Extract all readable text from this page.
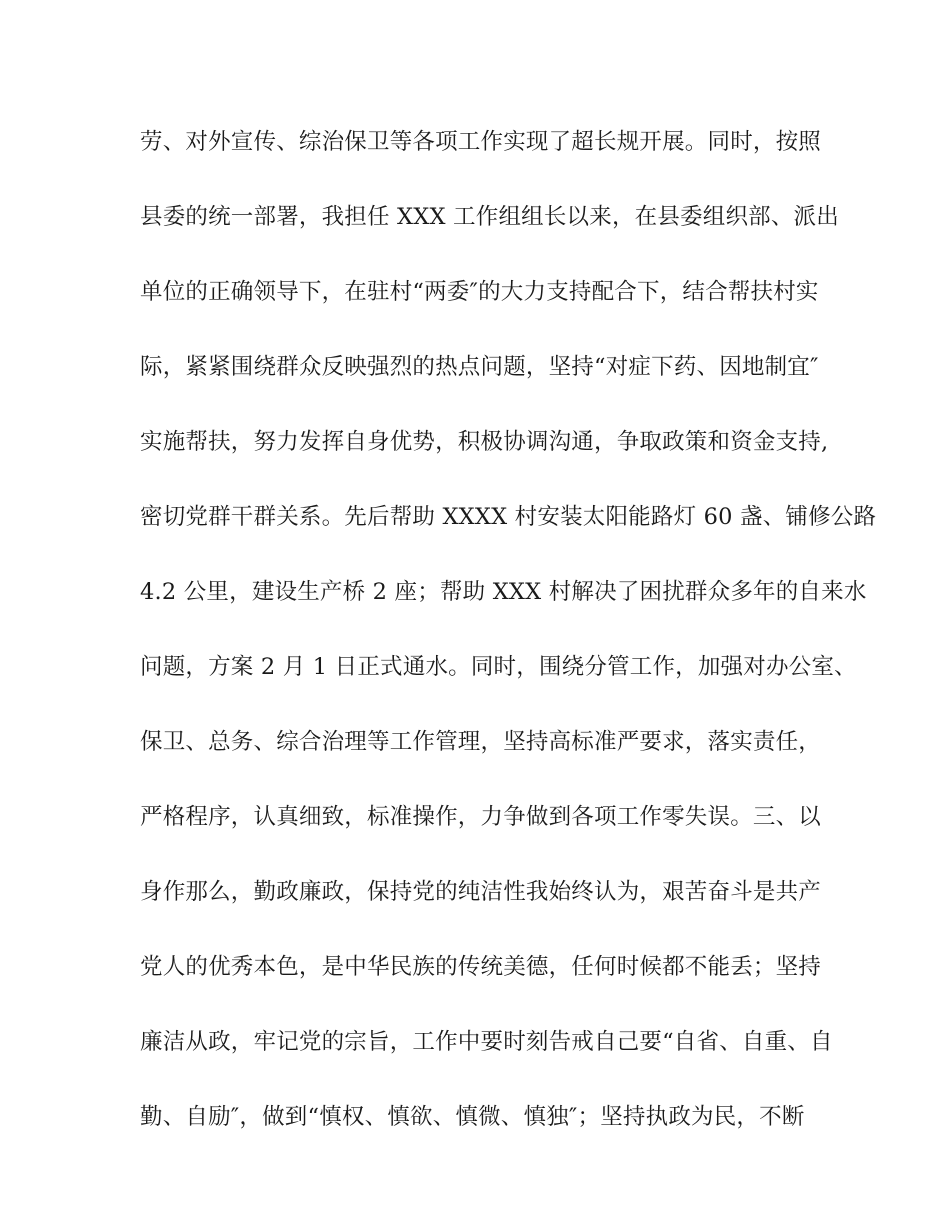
劳、对外宣传、综治保卫等各项工作实现了超长规开展。同时，按照
县委的统一部署，我担任 XXX 工作组组长以来，在县委组织部、派出
单位的正确领导下，在驻村“两委″的大力支持配合下，结合帮扶村实
际，紧紧围绕群众反映强烈的热点问题，坚持“对症下药、因地制宜″
实施帮扶，努力发挥自身优势，积极协调沟通，争取政策和资金支持,
密切党群干群关系。先后帮助 XXXX 村安装太阳能路灯 60 盏、铺修公路
4.2 公里，建设生产桥 2 座；帮助 XXX 村解决了困扰群众多年的自来水
问题，方案 2 月 1 日正式通水。同时，围绕分管工作，加强对办公室、
保卫、总务、综合治理等工作管理，坚持高标准严要求，落实责任，
严格程序，认真细致，标准操作，力争做到各项工作零失误。三、以
身作那么，勤政廉政，保持党的纯洁性我始终认为，艰苦奋斗是共产
党人的优秀本色，是中华民族的传统美德，任何时候都不能丢；坚持
廉洁从政，牢记党的宗旨，工作中要时刻告戒自己要“自省、自重、自
勤、自励″，做到“慎权、慎欲、慎微、慎独″；坚持执政为民，不断
